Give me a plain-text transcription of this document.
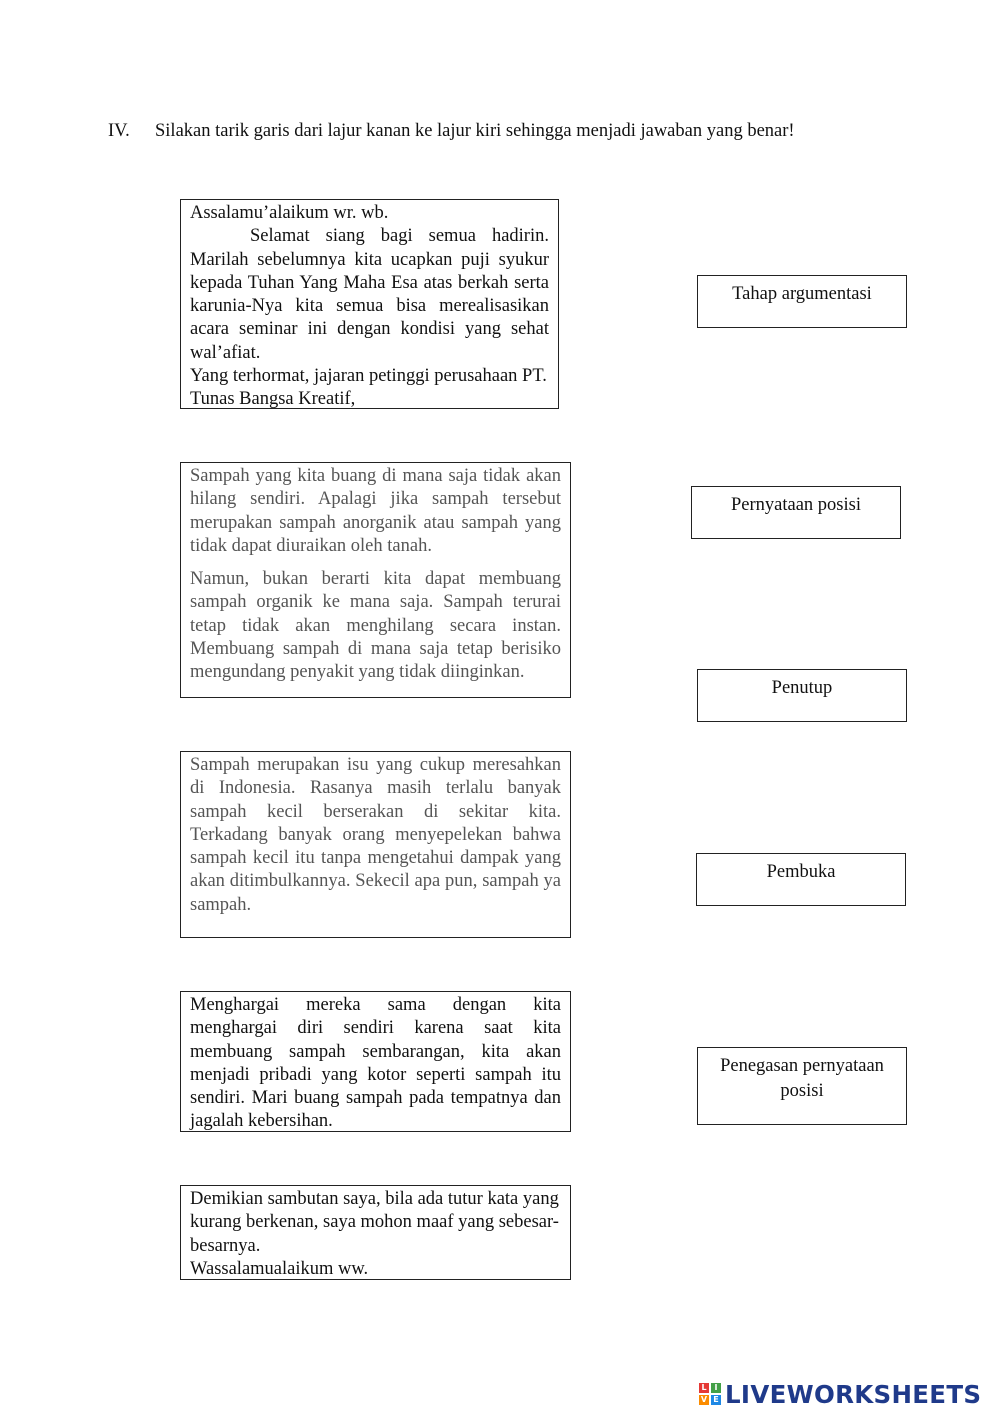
IV. Silakan tarik garis dari lajur kanan ke lajur kiri sehingga menjadi jawaban yang benar!

Assalamu’alaikum wr. wb.

Selamat siang bagi semua hadirin. Marilah sebelumnya kita ucapkan puji syukur kepada Tuhan Yang Maha Esa atas berkah serta karunia-Nya kita semua bisa merealisasikan acara seminar ini dengan kondisi yang sehat wal’afiat.

Yang terhormat, jajaran petinggi perusahaan PT. Tunas Bangsa Kreatif,

Sampah yang kita buang di mana saja tidak akan hilang sendiri. Apalagi jika sampah tersebut merupakan sampah anorganik atau sampah yang tidak dapat diuraikan oleh tanah.

Namun, bukan berarti kita dapat membuang sampah organik ke mana saja. Sampah terurai tetap tidak akan menghilang secara instan. Membuang sampah di mana saja tetap berisiko mengundang penyakit yang tidak diinginkan.

Sampah merupakan isu yang cukup meresahkan di Indonesia. Rasanya masih terlalu banyak sampah kecil berserakan di sekitar kita. Terkadang banyak orang menyepelekan bahwa sampah kecil itu tanpa mengetahui dampak yang akan ditimbulkannya. Sekecil apa pun, sampah ya sampah.

Menghargai mereka sama dengan kita menghargai diri sendiri karena saat kita membuang sampah sembarangan, kita akan menjadi pribadi yang kotor seperti sampah itu sendiri. Mari buang sampah pada tempatnya dan jagalah kebersihan.

Demikian sambutan saya, bila ada tutur kata yang kurang berkenan, saya mohon maaf yang sebesar-besarnya.

Wassalamualaikum ww.

Tahap argumentasi
Pernyataan posisi
Penutup
Pembuka
Penegasan pernyataan posisi
L I
V E LIVEWORKSHEETS
